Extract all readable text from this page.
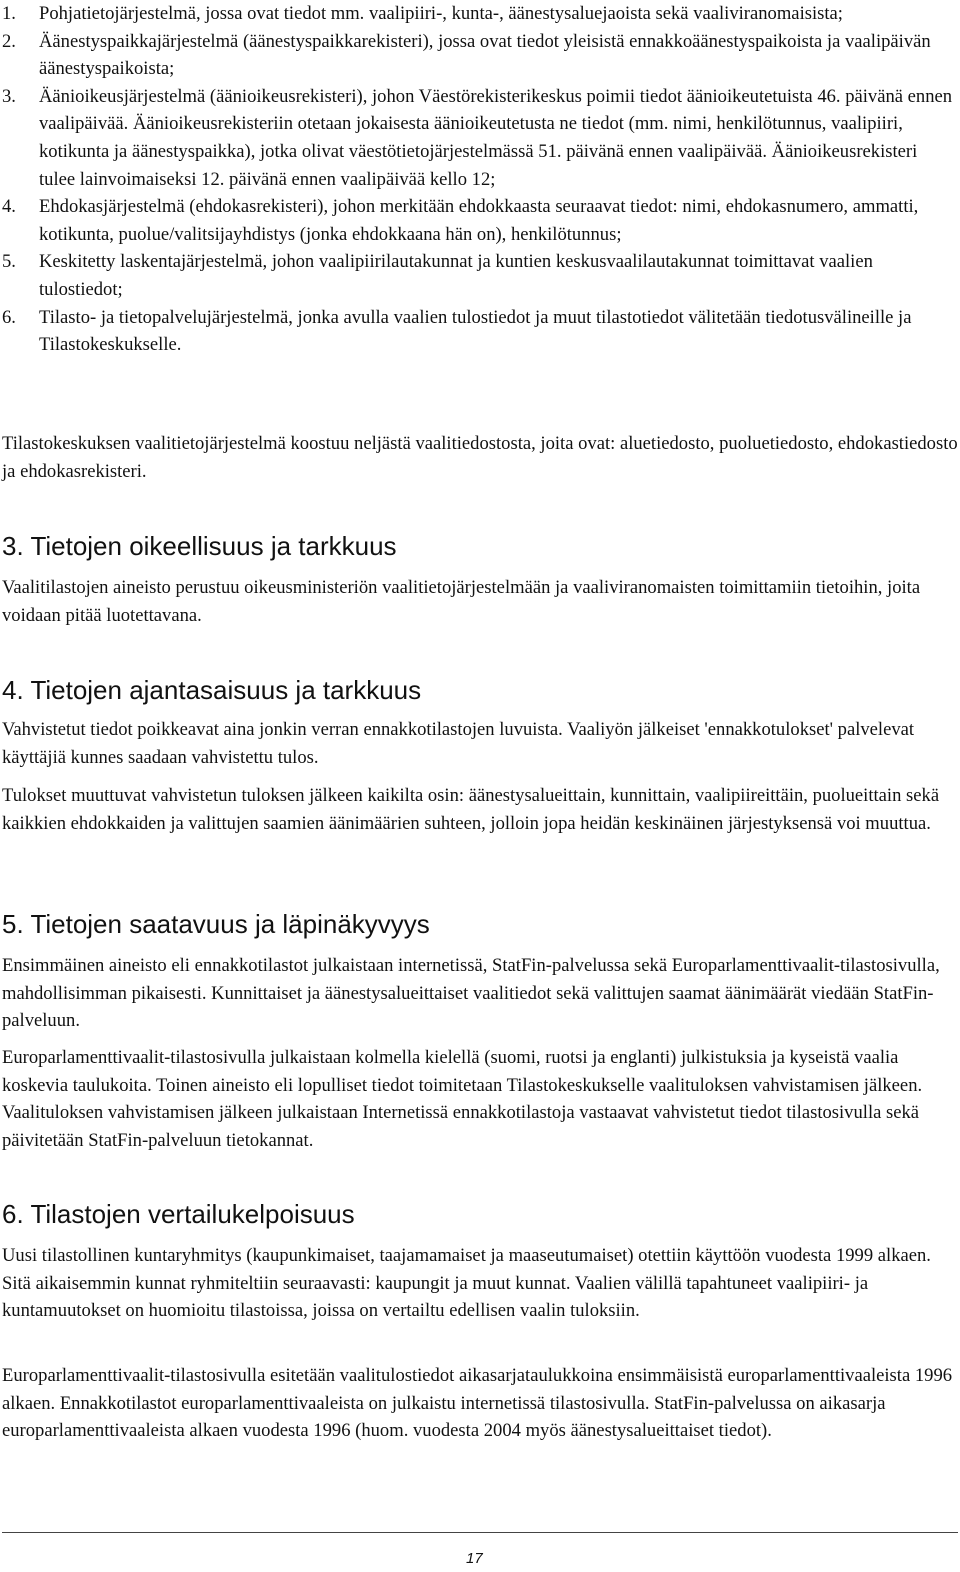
1. Pohjatietojärjestelmä, jossa ovat tiedot mm. vaalipiiri-, kunta-, äänestysaluejaoista sekä vaaliviranomaisista;
2. Äänestyspaikkajärjestelmä (äänestyspaikkarekisteri), jossa ovat tiedot yleisistä ennakkoäänestyspaikoista ja vaalipäivän äänestyspaikoista;
3. Äänioikeusjärjestelmä (äänioikeusrekisteri), johon Väestörekisterikeskus poimii tiedot äänioikeutetuista 46. päivänä ennen vaalipäivää. Äänioikeusrekisteriin otetaan jokaisesta äänioikeutetusta ne tiedot (mm. nimi, henkilötunnus, vaalipiiri, kotikunta ja äänestyspaikka), jotka olivat väestötietojärjestelmässä 51. päivänä ennen vaalipäivää. Äänioikeusrekisteri tulee lainvoimaiseksi 12. päivänä ennen vaalipäivää kello 12;
4. Ehdokasjärjestelmä (ehdokasrekisteri), johon merkitään ehdokkaasta seuraavat tiedot: nimi, ehdokasnumero, ammatti, kotikunta, puolue/valitsijayhdistys (jonka ehdokkaana hän on), henkilötunnus;
5. Keskitetty laskentajärjestelmä, johon vaalipiirilautakunnat ja kuntien keskusvaalilautakunnat toimittavat vaalien tulostiedot;
6. Tilasto- ja tietopalvelujärjestelmä, jonka avulla vaalien tulostiedot ja muut tilastotiedot välitetään tiedotusvälineille ja Tilastokeskukselle.

Tilastokeskuksen vaalitietojärjestelmä koostuu neljästä vaalitiedostosta, joita ovat: aluetiedosto, puoluetiedosto, ehdokastiedosto ja ehdokasrekisteri.

3. Tietojen oikeellisuus ja tarkkuus

Vaalitilastojen aineisto perustuu oikeusministeriön vaalitietojärjestelmään ja vaaliviranomaisten toimittamiin tietoihin, joita voidaan pitää luotettavana.

4. Tietojen ajantasaisuus ja tarkkuus

Vahvistetut tiedot poikkeavat aina jonkin verran ennakkotilastojen luvuista. Vaaliyön jälkeiset 'ennakkotulokset' palvelevat käyttäjiä kunnes saadaan vahvistettu tulos.

Tulokset muuttuvat vahvistetun tuloksen jälkeen kaikilta osin: äänestysalueittain, kunnittain, vaalipiireittäin, puolueittain sekä kaikkien ehdokkaiden ja valittujen saamien äänimäärien suhteen, jolloin jopa heidän keskinäinen järjestyksensä voi muuttua.

5. Tietojen saatavuus ja läpinäkyvyys

Ensimmäinen aineisto eli ennakkotilastot julkaistaan internetissä, StatFin-palvelussa sekä Europarlamenttivaalit-tilastosivulla, mahdollisimman pikaisesti. Kunnittaiset ja äänestysalueittaiset vaalitiedot sekä valittujen saamat äänimäärät viedään StatFin-palveluun.

Europarlamenttivaalit-tilastosivulla julkaistaan kolmella kielellä (suomi, ruotsi ja englanti) julkistuksia ja kyseistä vaalia koskevia taulukoita. Toinen aineisto eli lopulliset tiedot toimitetaan Tilastokeskukselle vaalituloksen vahvistamisen jälkeen. Vaalituloksen vahvistamisen jälkeen julkaistaan Internetissä ennakkotilastoja vastaavat vahvistetut tiedot tilastosivulla sekä päivitetään StatFin-palveluun tietokannat.

6. Tilastojen vertailukelpoisuus

Uusi tilastollinen kuntaryhmitys (kaupunkimaiset, taajamamaiset ja maaseutumaiset) otettiin käyttöön vuodesta 1999 alkaen. Sitä aikaisemmin kunnat ryhmiteltiin seuraavasti: kaupungit ja muut kunnat. Vaalien välillä tapahtuneet vaalipiiri- ja kuntamuutokset on huomioitu tilastoissa, joissa on vertailtu edellisen vaalin tuloksiin.

Europarlamenttivaalit-tilastosivulla esitetään vaalitulostiedot aikasarjataulukkoina ensimmäisistä europarlamenttivaaleista 1996 alkaen. Ennakkotilastot europarlamenttivaaleista on julkaistu internetissä tilastosivulla. StatFin-palvelussa on aikasarja europarlamenttivaaleista alkaen vuodesta 1996 (huom. vuodesta 2004 myös äänestysalueittaiset tiedot).

17
